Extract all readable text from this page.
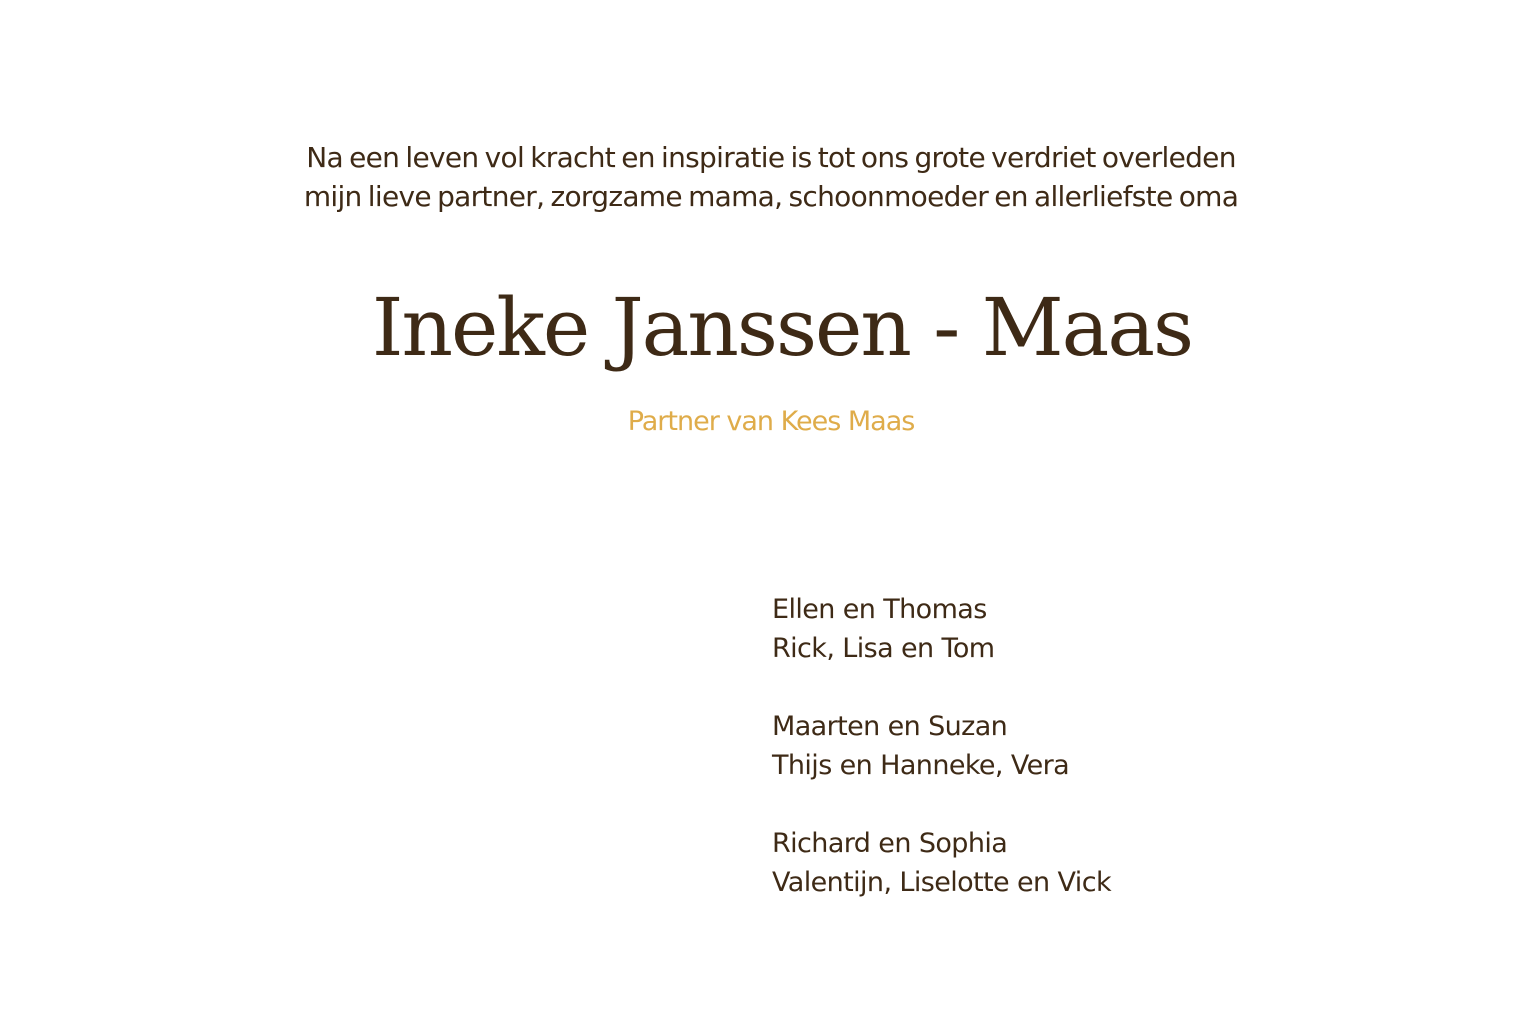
Na een leven vol kracht en inspiratie is tot ons grote verdriet overleden
mijn lieve partner, zorgzame mama, schoonmoeder en allerliefste oma
Ineke Janssen - Maas
Partner van Kees Maas
Ellen en Thomas
Rick, Lisa en Tom
Maarten en Suzan
Thijs en Hanneke, Vera
Richard en Sophia
Valentijn, Liselotte en Vick
